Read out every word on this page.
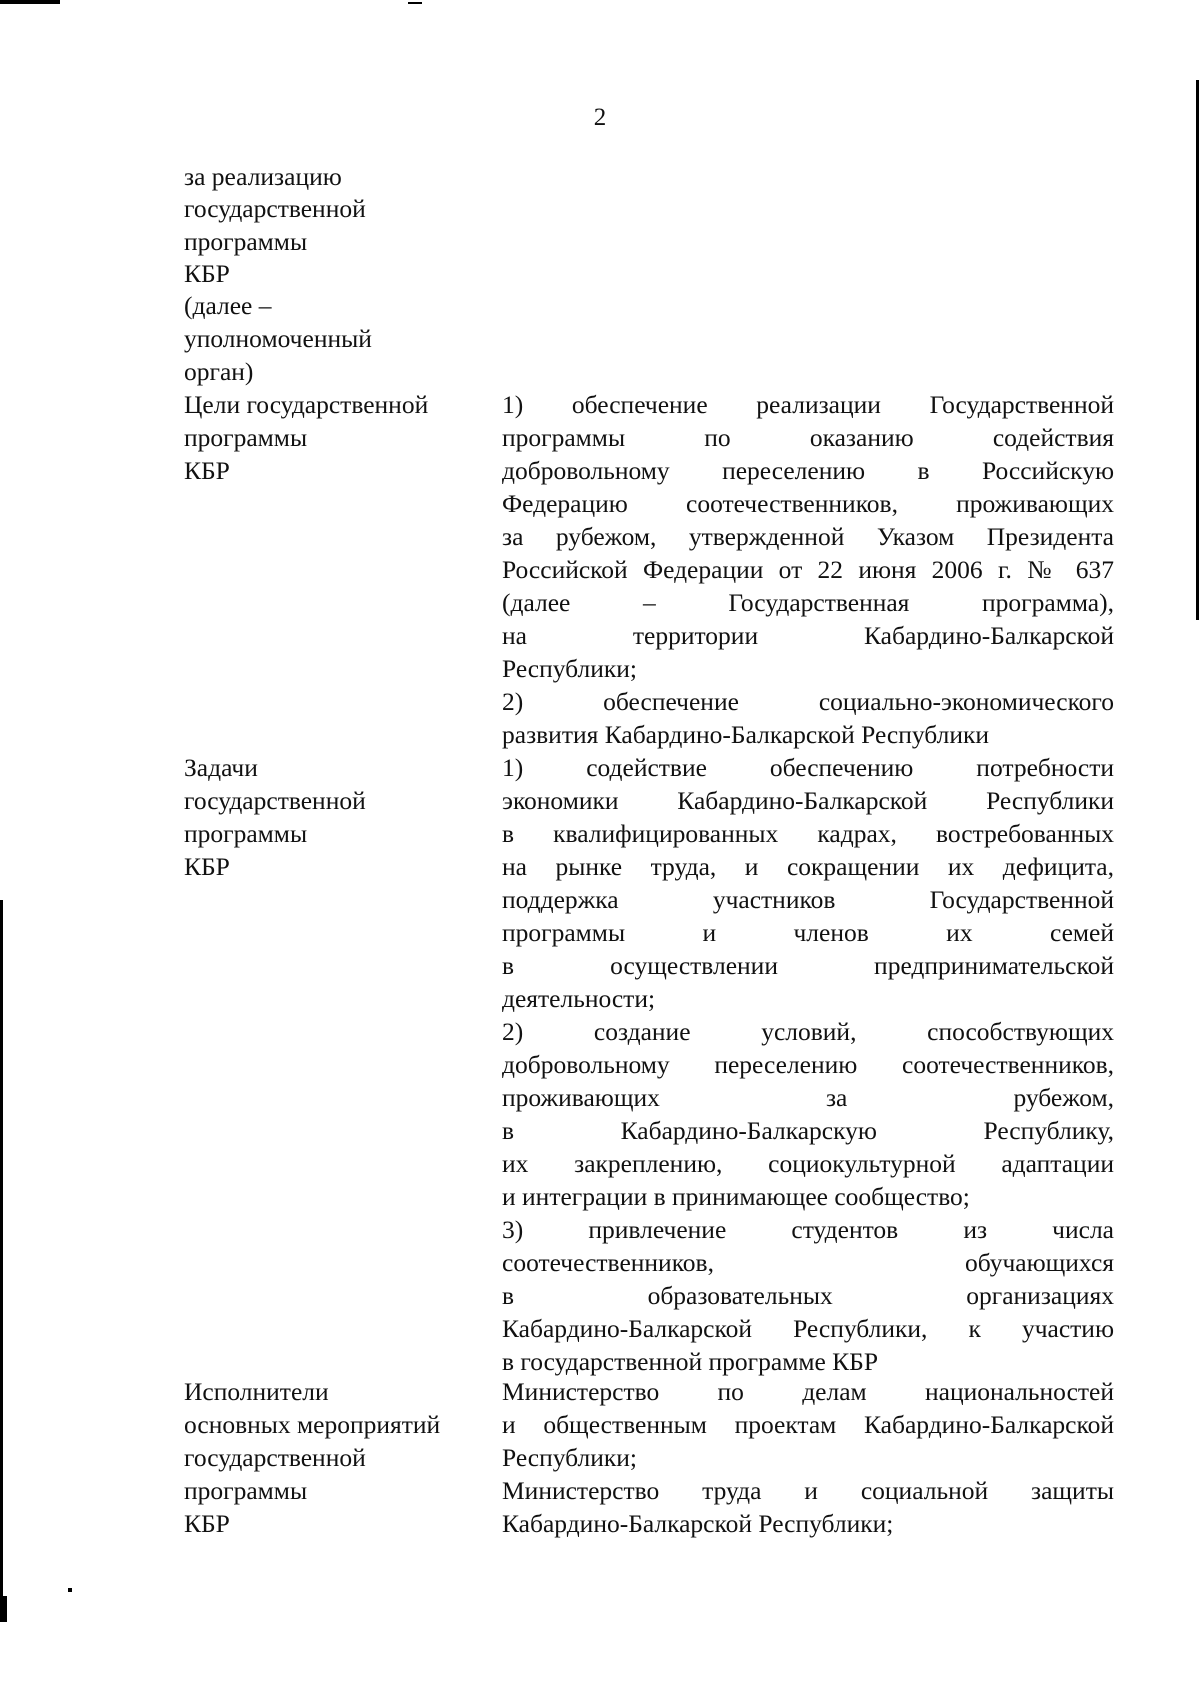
2
за реализацию
государственной
программы
КБР
(далее –
уполномоченный
орган)
Цели государственной
программы
КБР
Задачи
государственной
программы
КБР
Исполнители
основных мероприятий
государственной
программы
КБР
1) обеспечение реализации Государственной
программы по оказанию содействия
добровольному переселению в Российскую
Федерацию соотечественников, проживающих
за рубежом, утвержденной Указом Президента
Российской Федерации от 22 июня 2006 г. № 637
(далее – Государственная программа),
на территории Кабардино-Балкарской
Республики;
2) обеспечение социально-экономического
развития Кабардино-Балкарской Республики
1) содействие обеспечению потребности
экономики Кабардино-Балкарской Республики
в квалифицированных кадрах, востребованных
на рынке труда, и сокращении их дефицита,
поддержка участников Государственной
программы и членов их семей
в осуществлении предпринимательской
деятельности;
2) создание условий, способствующих
добровольному переселению соотечественников,
проживающих за рубежом,
в Кабардино-Балкарскую Республику,
их закреплению, социокультурной адаптации
и интеграции в принимающее сообщество;
3) привлечение студентов из числа
соотечественников, обучающихся
в образовательных организациях
Кабардино-Балкарской Республики, к участию
в государственной программе КБР
Министерство по делам национальностей
и общественным проектам Кабардино-Балкарской
Республики;
Министерство труда и социальной защиты
Кабардино-Балкарской Республики;
